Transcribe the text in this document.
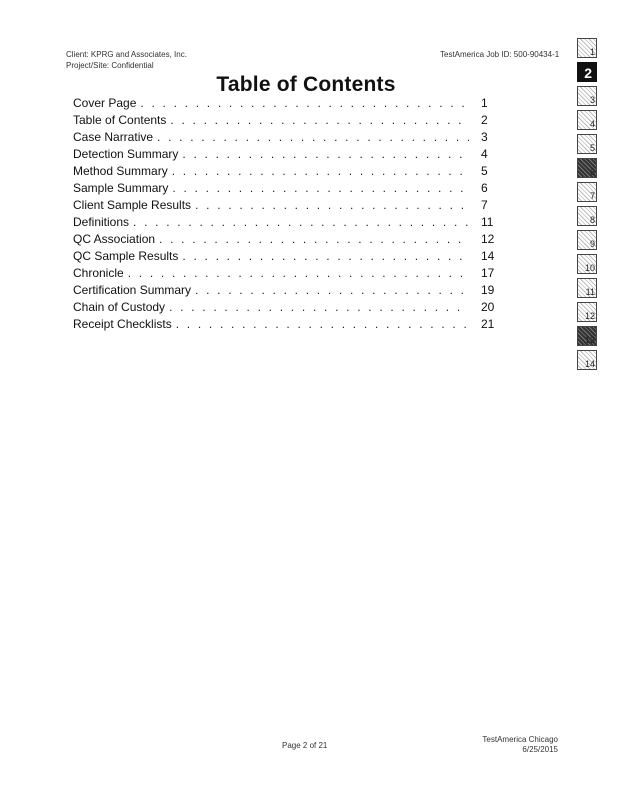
Client: KPRG and Associates, Inc.
Project/Site: Confidential
TestAmerica Job ID: 500-90434-1
Table of Contents
Cover Page . . .	1
Table of Contents . . .	2
Case Narrative . . .	3
Detection Summary . . .	4
Method Summary . . .	5
Sample Summary . . .	6
Client Sample Results . . .	7
Definitions . . .	11
QC Association . . .	12
QC Sample Results . . .	14
Chronicle . . .	17
Certification Summary . . .	19
Chain of Custody . . .	20
Receipt Checklists . . .	21
1
2
3
4
5
6
7
8
9
10
11
12
13
14
Page 2 of 21
TestAmerica Chicago
6/25/2015
